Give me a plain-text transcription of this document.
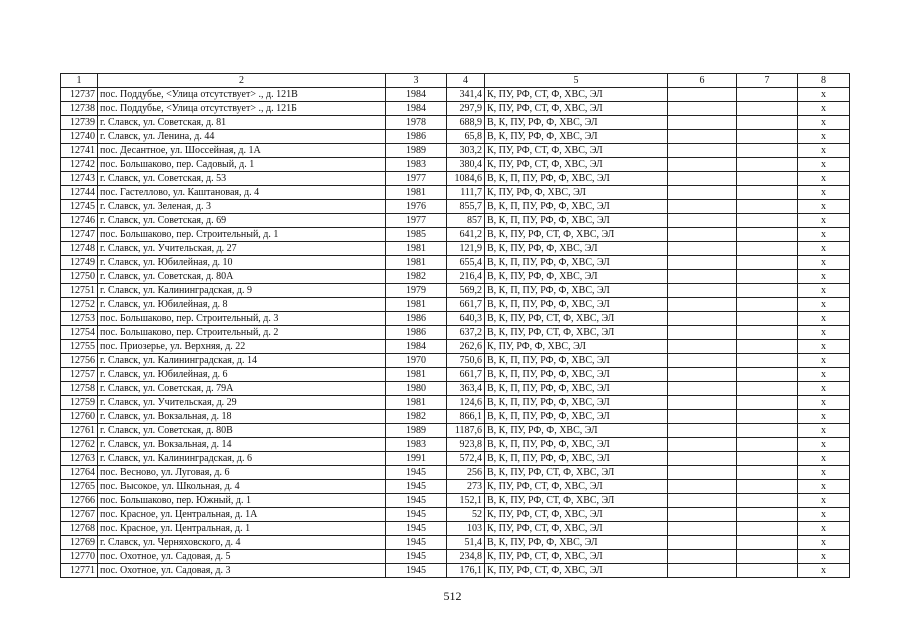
1	2	3	4	5	6	7	8
12737	пос. Поддубье, <Улица отсутствует> ., д. 121В	1984	341,4	К, ПУ, РФ, СТ, Ф, ХВС, ЭЛ			х
12738	пос. Поддубье, <Улица отсутствует> ., д. 121Б	1984	297,9	К, ПУ, РФ, СТ, Ф, ХВС, ЭЛ			х
12739	г. Славск, ул. Советская, д. 81	1978	688,9	В, К, ПУ, РФ, Ф, ХВС, ЭЛ			х
12740	г. Славск, ул. Ленина, д. 44	1986	65,8	В, К, ПУ, РФ, Ф, ХВС, ЭЛ			х
12741	пос. Десантное, ул. Шоссейная, д. 1А	1989	303,2	К, ПУ, РФ, СТ, Ф, ХВС, ЭЛ			х
12742	пос. Большаково, пер. Садовый, д. 1	1983	380,4	К, ПУ, РФ, СТ, Ф, ХВС, ЭЛ			х
12743	г. Славск, ул. Советская, д. 53	1977	1084,6	В, К, П, ПУ, РФ, Ф, ХВС, ЭЛ			х
12744	пос. Гастеллово, ул. Каштановая, д. 4	1981	111,7	К, ПУ, РФ, Ф, ХВС, ЭЛ			х
12745	г. Славск, ул. Зеленая, д. 3	1976	855,7	В, К, П, ПУ, РФ, Ф, ХВС, ЭЛ			х
12746	г. Славск, ул. Советская, д. 69	1977	857	В, К, П, ПУ, РФ, Ф, ХВС, ЭЛ			х
12747	пос. Большаково, пер. Строительный, д. 1	1985	641,2	В, К, ПУ, РФ, СТ, Ф, ХВС, ЭЛ			х
12748	г. Славск, ул. Учительская, д. 27	1981	121,9	В, К, ПУ, РФ, Ф, ХВС, ЭЛ			х
12749	г. Славск, ул. Юбилейная, д. 10	1981	655,4	В, К, П, ПУ, РФ, Ф, ХВС, ЭЛ			х
12750	г. Славск, ул. Советская, д. 80А	1982	216,4	В, К, ПУ, РФ, Ф, ХВС, ЭЛ			х
12751	г. Славск, ул. Калининградская, д. 9	1979	569,2	В, К, П, ПУ, РФ, Ф, ХВС, ЭЛ			х
12752	г. Славск, ул. Юбилейная, д. 8	1981	661,7	В, К, П, ПУ, РФ, Ф, ХВС, ЭЛ			х
12753	пос. Большаково, пер. Строительный, д. 3	1986	640,3	В, К, ПУ, РФ, СТ, Ф, ХВС, ЭЛ			х
12754	пос. Большаково, пер. Строительный, д. 2	1986	637,2	В, К, ПУ, РФ, СТ, Ф, ХВС, ЭЛ			х
12755	пос. Приозерье, ул. Верхняя, д. 22	1984	262,6	К, ПУ, РФ, Ф, ХВС, ЭЛ			х
12756	г. Славск, ул. Калининградская, д. 14	1970	750,6	В, К, П, ПУ, РФ, Ф, ХВС, ЭЛ			х
12757	г. Славск, ул. Юбилейная, д. 6	1981	661,7	В, К, П, ПУ, РФ, Ф, ХВС, ЭЛ			х
12758	г. Славск, ул. Советская, д. 79А	1980	363,4	В, К, П, ПУ, РФ, Ф, ХВС, ЭЛ			х
12759	г. Славск, ул. Учительская, д. 29	1981	124,6	В, К, П, ПУ, РФ, Ф, ХВС, ЭЛ			х
12760	г. Славск, ул. Вокзальная, д. 18	1982	866,1	В, К, П, ПУ, РФ, Ф, ХВС, ЭЛ			х
12761	г. Славск, ул. Советская, д. 80В	1989	1187,6	В, К, ПУ, РФ, Ф, ХВС, ЭЛ			х
12762	г. Славск, ул. Вокзальная, д. 14	1983	923,8	В, К, П, ПУ, РФ, Ф, ХВС, ЭЛ			х
12763	г. Славск, ул. Калининградская, д. 6	1991	572,4	В, К, П, ПУ, РФ, Ф, ХВС, ЭЛ			х
12764	пос. Весново, ул. Луговая, д. 6	1945	256	В, К, ПУ, РФ, СТ, Ф, ХВС, ЭЛ			х
12765	пос. Высокое, ул. Школьная, д. 4	1945	273	К, ПУ, РФ, СТ, Ф, ХВС, ЭЛ			х
12766	пос. Большаково, пер. Южный, д. 1	1945	152,1	В, К, ПУ, РФ, СТ, Ф, ХВС, ЭЛ			х
12767	пос. Красное, ул. Центральная, д. 1А	1945	52	К, ПУ, РФ, СТ, Ф, ХВС, ЭЛ			х
12768	пос. Красное, ул. Центральная, д. 1	1945	103	К, ПУ, РФ, СТ, Ф, ХВС, ЭЛ			х
12769	г. Славск, ул. Черняховского, д. 4	1945	51,4	В, К, ПУ, РФ, Ф, ХВС, ЭЛ			х
12770	пос. Охотное, ул. Садовая, д. 5	1945	234,8	К, ПУ, РФ, СТ, Ф, ХВС, ЭЛ			х
12771	пос. Охотное, ул. Садовая, д. 3	1945	176,1	К, ПУ, РФ, СТ, Ф, ХВС, ЭЛ			х
512
